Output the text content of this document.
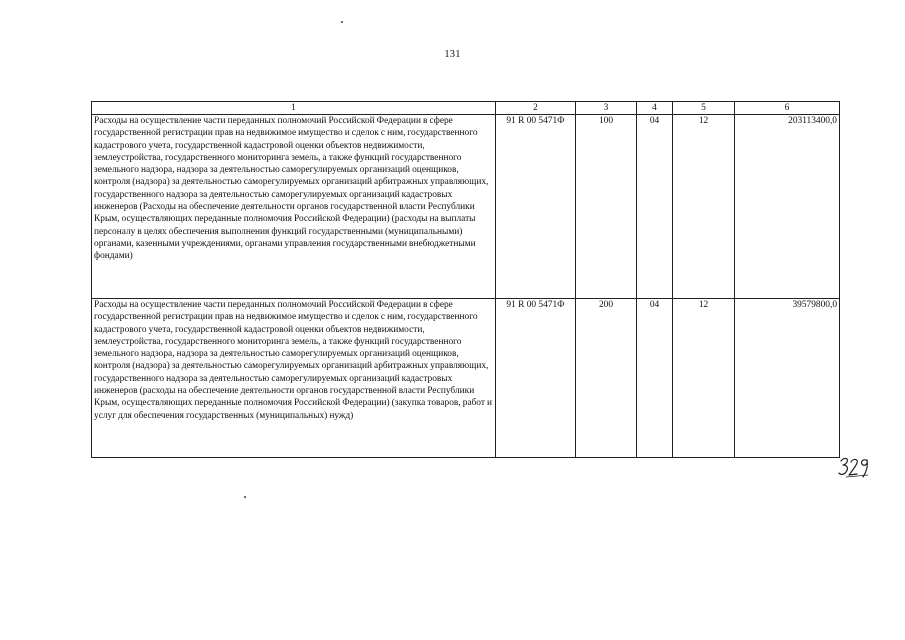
131
1	2	3	4	5	6
Расходы на осуществление части переданных полномочий Российской Федерации в сфере государственной регистрации прав на недвижимое имущество и сделок с ним, государственного кадастрового учета, государственной кадастровой оценки объектов недвижимости, землеустройства, государственного мониторинга земель, а также функций государственного земельного надзора, надзора за деятельностью саморегулируемых организаций оценщиков, контроля (надзора) за деятельностью саморегулируемых организаций арбитражных управляющих, государственного надзора за деятельностью саморегулируемых организаций кадастровых инженеров (Расходы на обеспечение деятельности органов государственной власти Республики Крым, осуществляющих переданные полномочия Российской Федерации) (расходы на выплаты персоналу в целях обеспечения выполнения функций государственными (муниципальными) органами, казенными учреждениями, органами управления государственными внебюджетными фондами)	91 R 00 5471Ф	100	04	12	203113400,0
Расходы на осуществление части переданных полномочий Российской Федерации в сфере государственной регистрации прав на недвижимое имущество и сделок с ним, государственного кадастрового учета, государственной кадастровой оценки объектов недвижимости, землеустройства, государственного мониторинга земель, а также функций государственного земельного надзора, надзора за деятельностью саморегулируемых организаций оценщиков, контроля (надзора) за деятельностью саморегулируемых организаций арбитражных управляющих, государственного надзора за деятельностью саморегулируемых организаций кадастровых инженеров (расходы на обеспечение деятельности органов государственной власти Республики Крым, осуществляющих переданные полномочия Российской Федерации) (закупка товаров, работ и услуг для обеспечения государственных (муниципальных) нужд)	91 R 00 5471Ф	200	04	12	39579800,0
